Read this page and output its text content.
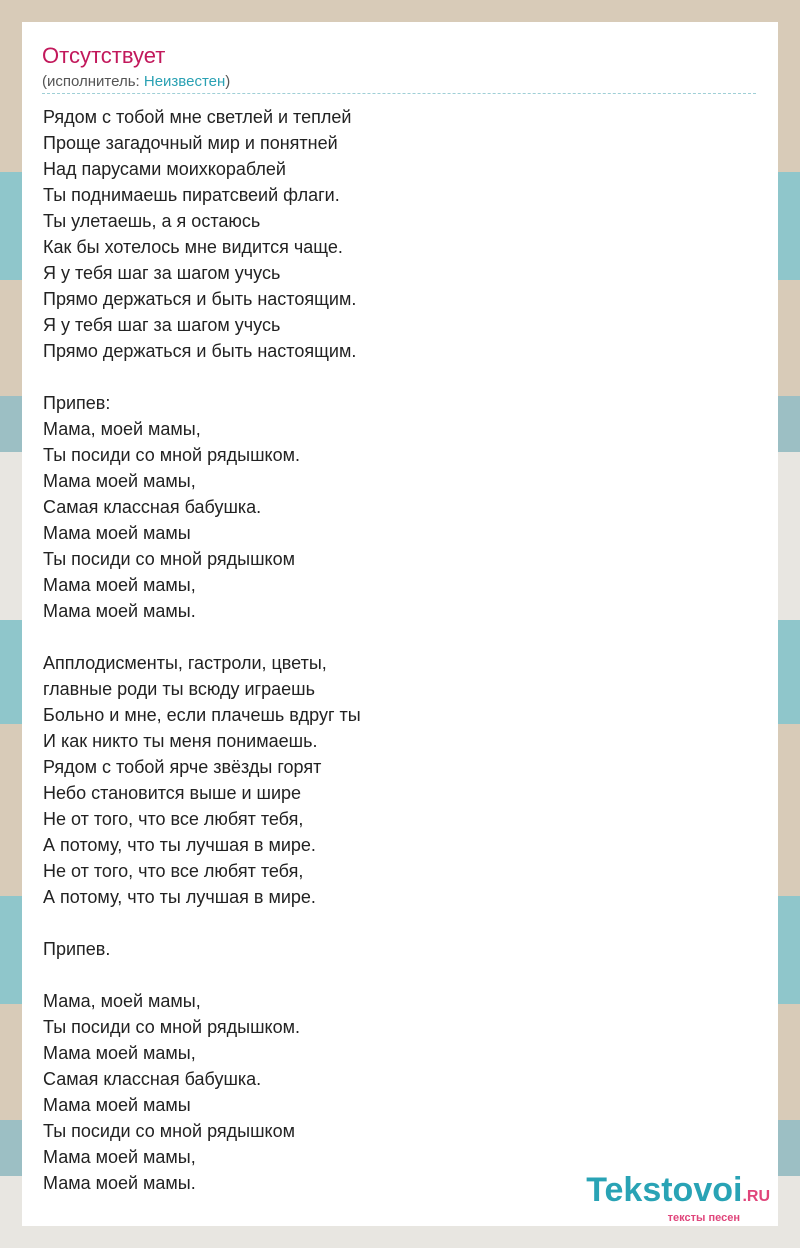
Отсутствует
(исполнитель: Неизвестен)
Рядом с тобой мне светлей и теплей
Проще загадочный мир и понятней
Над парусами моихкораблей
Ты поднимаешь пиратсвеий флаги.
Ты улетаешь, а я остаюсь
Как бы хотелось мне видится чаще.
Я у тебя шаг за шагом учусь
Прямо держаться и быть настоящим.
Я у тебя шаг за шагом учусь
Прямо держаться и быть настоящим.
Припев:
Мама, моей мамы,
Ты посиди со мной рядышком.
Мама моей мамы,
Самая классная бабушка.
Мама моей мамы
Ты посиди со мной рядышком
Мама моей мамы,
Мама моей мамы.
Апплодисменты, гастроли, цветы,
главные роди ты всюду играешь
Больно и мне, если плачешь вдруг ты
И как никто ты меня понимаешь.
Рядом с тобой ярче звёзды горят
Небо становится выше и шире
Не от того, что все любят тебя,
А потому, что ты лучшая в мире.
Не от того, что все любят тебя,
А потому, что ты лучшая в мире.
Припев.
Мама, моей мамы,
Ты посиди со мной рядышком.
Мама моей мамы,
Самая классная бабушка.
Мама моей мамы
Ты посиди со мной рядышком
Мама моей мамы,
Мама моей мамы.	Tekstovoi.RU
тексты песен
